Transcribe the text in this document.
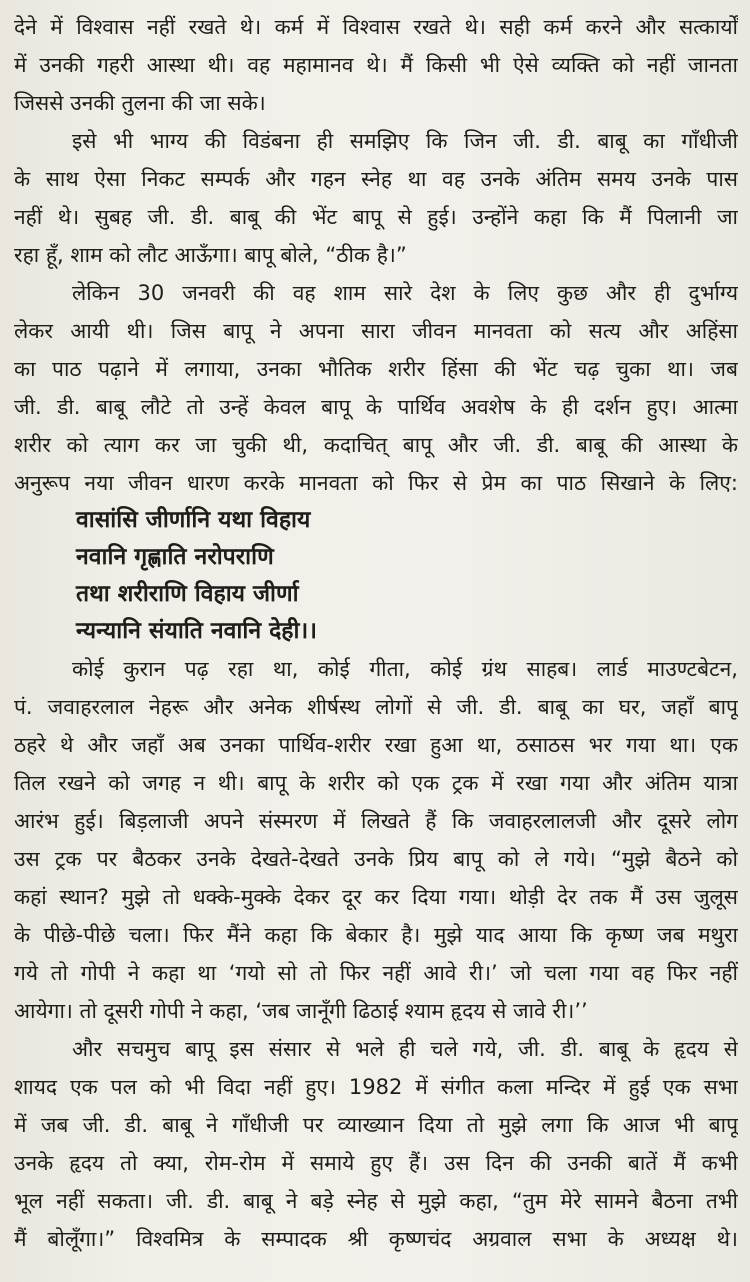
देने में विश्वास नहीं रखते थे। कर्म में विश्वास रखते थे। सही कर्म करने और सत्कार्यों
में उनकी गहरी आस्था थी। वह महामानव थे। मैं किसी भी ऐसे व्यक्ति को नहीं जानता
जिससे उनकी तुलना की जा सके।
इसे भी भाग्य की विडंबना ही समझिए कि जिन जी. डी. बाबू का गाँधीजी
के साथ ऐसा निकट सम्पर्क और गहन स्नेह था वह उनके अंतिम समय उनके पास
नहीं थे। सुबह जी. डी. बाबू की भेंट बापू से हुई। उन्होंने कहा कि मैं पिलानी जा
रहा हूँ, शाम को लौट आऊँगा। बापू बोले, “ठीक है।”
लेकिन 30 जनवरी की वह शाम सारे देश के लिए कुछ और ही दुर्भाग्य
लेकर आयी थी। जिस बापू ने अपना सारा जीवन मानवता को सत्य और अहिंसा
का पाठ पढ़ाने में लगाया, उनका भौतिक शरीर हिंसा की भेंट चढ़ चुका था। जब
जी. डी. बाबू लौटे तो उन्हें केवल बापू के पार्थिव अवशेष के ही दर्शन हुए। आत्मा
शरीर को त्याग कर जा चुकी थी, कदाचित् बापू और जी. डी. बाबू की आस्था के
अनुरूप नया जीवन धारण करके मानवता को फिर से प्रेम का पाठ सिखाने के लिए:
वासांसि जीर्णानि यथा विहाय
नवानि गृह्णाति नरोपराणि
तथा शरीराणि विहाय जीर्णा
न्यन्यानि संयाति नवानि देही।।
कोई कुरान पढ़ रहा था, कोई गीता, कोई ग्रंथ साहब। लार्ड माउण्टबेटन,
पं. जवाहरलाल नेहरू और अनेक शीर्षस्थ लोगों से जी. डी. बाबू का घर, जहाँ बापू
ठहरे थे और जहाँ अब उनका पार्थिव-शरीर रखा हुआ था, ठसाठस भर गया था। एक
तिल रखने को जगह न थी। बापू के शरीर को एक ट्रक में रखा गया और अंतिम यात्रा
आरंभ हुई। बिड़लाजी अपने संस्मरण में लिखते हैं कि जवाहरलालजी और दूसरे लोग
उस ट्रक पर बैठकर उनके देखते-देखते उनके प्रिय बापू को ले गये। “मुझे बैठने को
कहां स्थान? मुझे तो धक्के-मुक्के देकर दूर कर दिया गया। थोड़ी देर तक मैं उस जुलूस
के पीछे-पीछे चला। फिर मैंने कहा कि बेकार है। मुझे याद आया कि कृष्ण जब मथुरा
गये तो गोपी ने कहा था ‘गयो सो तो फिर नहीं आवे री।’ जो चला गया वह फिर नहीं
आयेगा। तो दूसरी गोपी ने कहा, ‘जब जानूँगी ढिठाई श्याम हृदय से जावे री।’’
और सचमुच बापू इस संसार से भले ही चले गये, जी. डी. बाबू के हृदय से
शायद एक पल को भी विदा नहीं हुए। 1982 में संगीत कला मन्दिर में हुई एक सभा
में जब जी. डी. बाबू ने गाँधीजी पर व्याख्यान दिया तो मुझे लगा कि आज भी बापू
उनके हृदय तो क्या, रोम-रोम में समाये हुए हैं। उस दिन की उनकी बातें मैं कभी
भूल नहीं सकता। जी. डी. बाबू ने बड़े स्नेह से मुझे कहा, “तुम मेरे सामने बैठना तभी
मैं बोलूँगा।” विश्वमित्र के सम्पादक श्री कृष्णचंद अग्रवाल सभा के अध्यक्ष थे।
